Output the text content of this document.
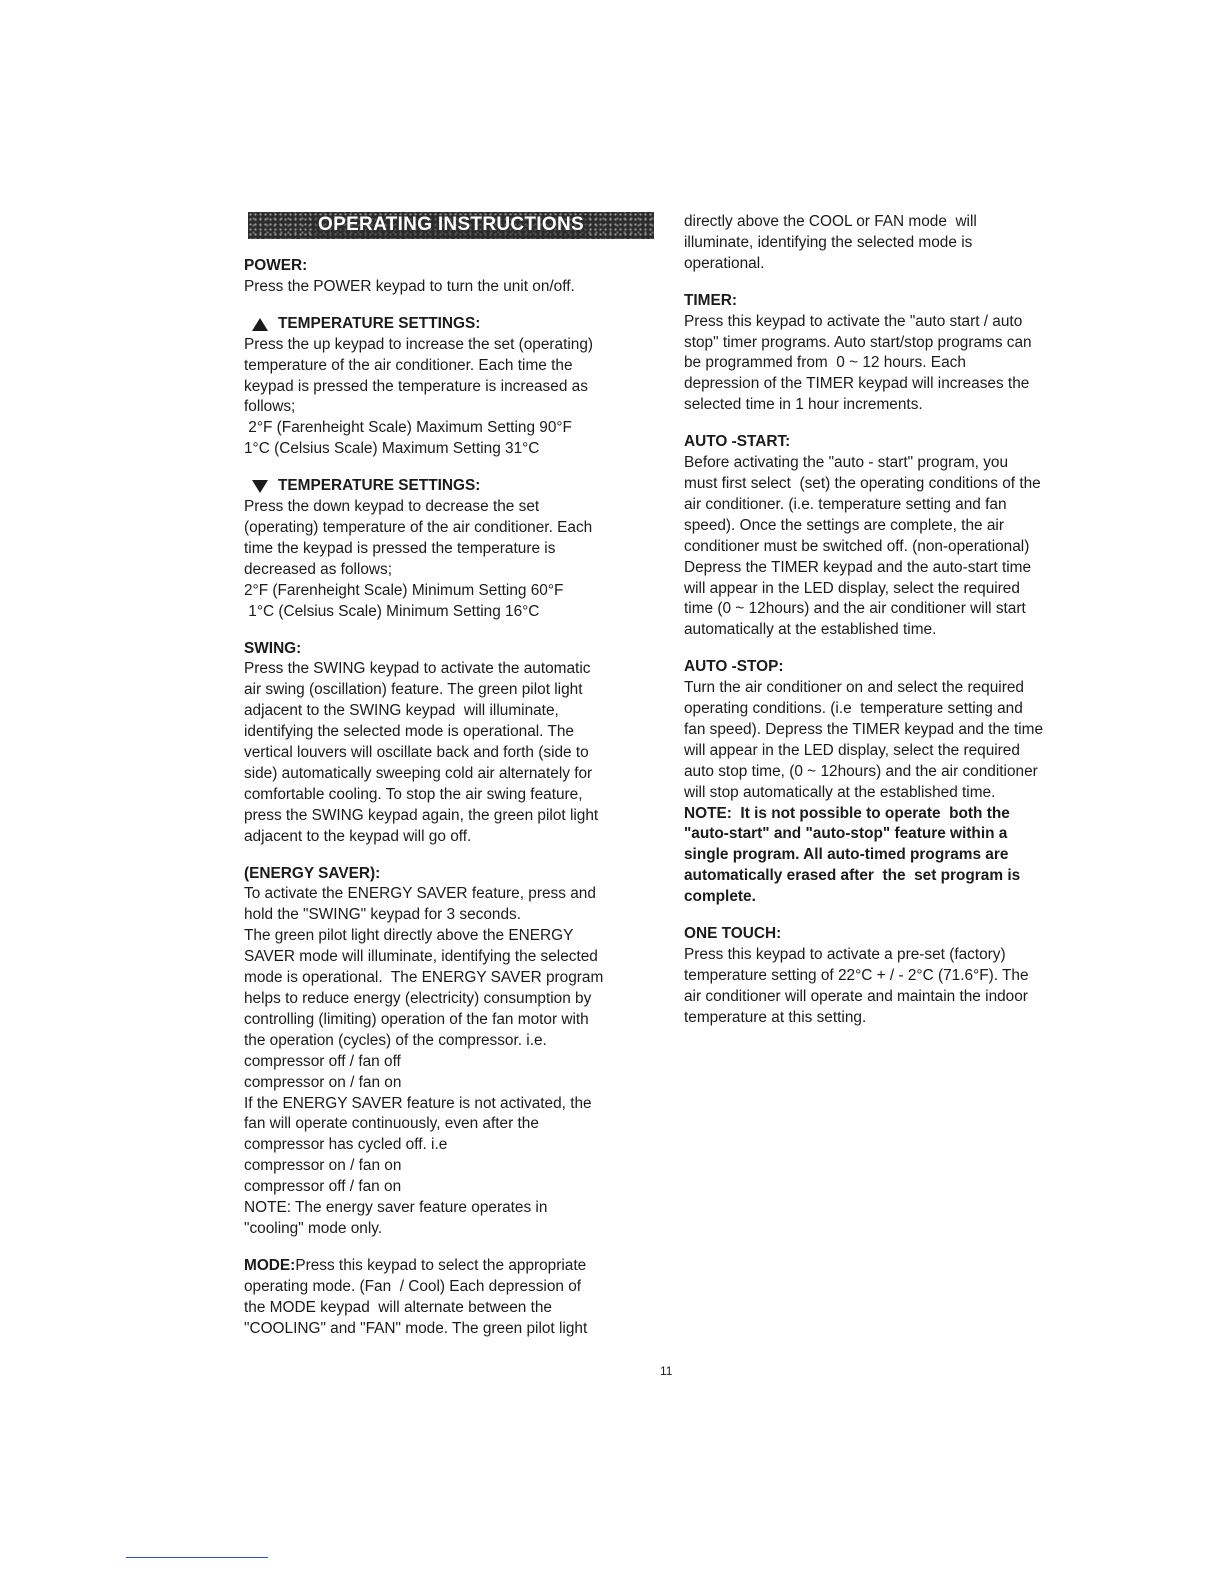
OPERATING INSTRUCTIONS
POWER:
Press the POWER keypad to turn the unit on/off.
TEMPERATURE SETTINGS:
Press the up keypad to increase the set (operating)
temperature of the air conditioner. Each time the
keypad is pressed the temperature is increased as
follows;
2°F (Farenheight Scale) Maximum Setting 90°F
1°C (Celsius Scale) Maximum Setting 31°C
TEMPERATURE SETTINGS:
Press the down keypad to decrease the set
(operating) temperature of the air conditioner. Each
time the keypad is pressed the temperature is
decreased as follows;
2°F (Farenheight Scale) Minimum Setting 60°F
1°C (Celsius Scale) Minimum Setting 16°C
SWING:
Press the SWING keypad to activate the automatic
air swing (oscillation) feature. The green pilot light
adjacent to the SWING keypad  will illuminate,
identifying the selected mode is operational. The
vertical louvers will oscillate back and forth (side to
side) automatically sweeping cold air alternately for
comfortable cooling. To stop the air swing feature,
press the SWING keypad again, the green pilot light
adjacent to the keypad will go off.
(ENERGY SAVER):
To activate the ENERGY SAVER feature, press and
hold the "SWING" keypad for 3 seconds.
The green pilot light directly above the ENERGY
SAVER mode will illuminate, identifying the selected
mode is operational.  The ENERGY SAVER program
helps to reduce energy (electricity) consumption by
controlling (limiting) operation of the fan motor with
the operation (cycles) of the compressor. i.e.
compressor off / fan off
compressor on / fan on
If the ENERGY SAVER feature is not activated, the
fan will operate continuously, even after the
compressor has cycled off. i.e
compressor on / fan on
compressor off / fan on
NOTE: The energy saver feature operates in
"cooling" mode only.
MODE:Press this keypad to select the appropriate
operating mode. (Fan  / Cool) Each depression of
the MODE keypad  will alternate between the
"COOLING" and "FAN" mode. The green pilot light
directly above the COOL or FAN mode  will
illuminate, identifying the selected mode is
operational.
TIMER:
Press this keypad to activate the "auto start / auto
stop" timer programs. Auto start/stop programs can
be programmed from  0 ~ 12 hours. Each
depression of the TIMER keypad will increases the
selected time in 1 hour increments.
AUTO -START:
Before activating the "auto - start" program, you
must first select  (set) the operating conditions of the
air conditioner. (i.e. temperature setting and fan
speed). Once the settings are complete, the air
conditioner must be switched off. (non-operational)
Depress the TIMER keypad and the auto-start time
will appear in the LED display, select the required
time (0 ~ 12hours) and the air conditioner will start
automatically at the established time.
AUTO -STOP:
Turn the air conditioner on and select the required
operating conditions. (i.e  temperature setting and
fan speed). Depress the TIMER keypad and the time
will appear in the LED display, select the required
auto stop time, (0 ~ 12hours) and the air conditioner
will stop automatically at the established time.
NOTE:  It is not possible to operate  both the
"auto-start" and "auto-stop" feature within a
single program. All auto-timed programs are
automatically erased after  the  set program is
complete.
ONE TOUCH:
Press this keypad to activate a pre-set (factory)
temperature setting of 22°C + / - 2°C (71.6°F). The
air conditioner will operate and maintain the indoor
temperature at this setting.
11
